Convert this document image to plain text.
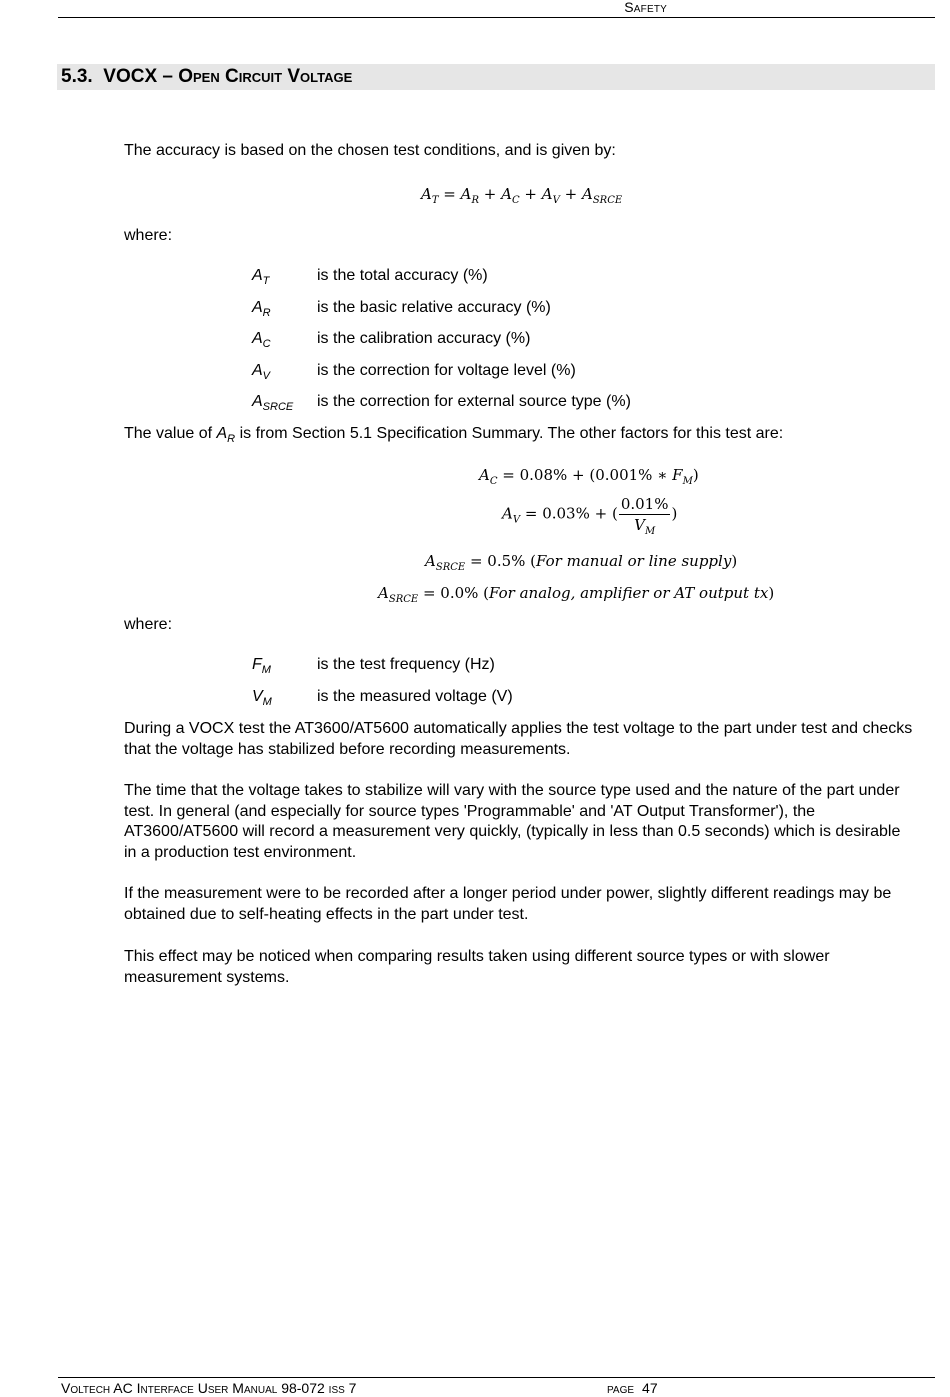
Safety
5.3. VOCX – Open Circuit Voltage
The accuracy is based on the chosen test conditions, and is given by:
$A_T = A_R + A_C + A_V + A_{SRCE}$
where:
$A_T$	is the total accuracy (%)
$A_R$	is the basic relative accuracy (%)
$A_C$	is the calibration accuracy (%)
$A_V$	is the correction for voltage level (%)
$A_{SRCE}$ is the correction for external source type (%)
The value of $A_R$ is from Section 5.1 Specification Summary. The other factors for this test are:
$A_C = 0.08\% + (0.001\%$ ∗ $F_M$)
$A_V = 0.03\%$ + ( $\frac{0.01\%}{V_M}$ )
$A_{SRCE} = 0.5\%$ (For manual or line supply)
$A_{SRCE} = 0.0\%$ (For analog, amplifier or AT output tx)
where:
$F_M$	is the test frequency (Hz)
$V_M$	is the measured voltage (V)
During a VOCX test the AT3600/AT5600 automatically applies the test voltage to the part under test and checks that the voltage has stabilized before recording measurements.
The time that the voltage takes to stabilize will vary with the source type used and the nature of the part under test. In general (and especially for source types 'Programmable' and 'AT Output Transformer'), the AT3600/AT5600 will record a measurement very quickly, (typically in less than 0.5 seconds) which is desirable in a production test environment.
If the measurement were to be recorded after a longer period under power, slightly different readings may be obtained due to self-heating effects in the part under test.
This effect may be noticed when comparing results taken using different source types or with slower measurement systems.
Voltech AC Interface User Manual 98-072 iss 7	page 47
